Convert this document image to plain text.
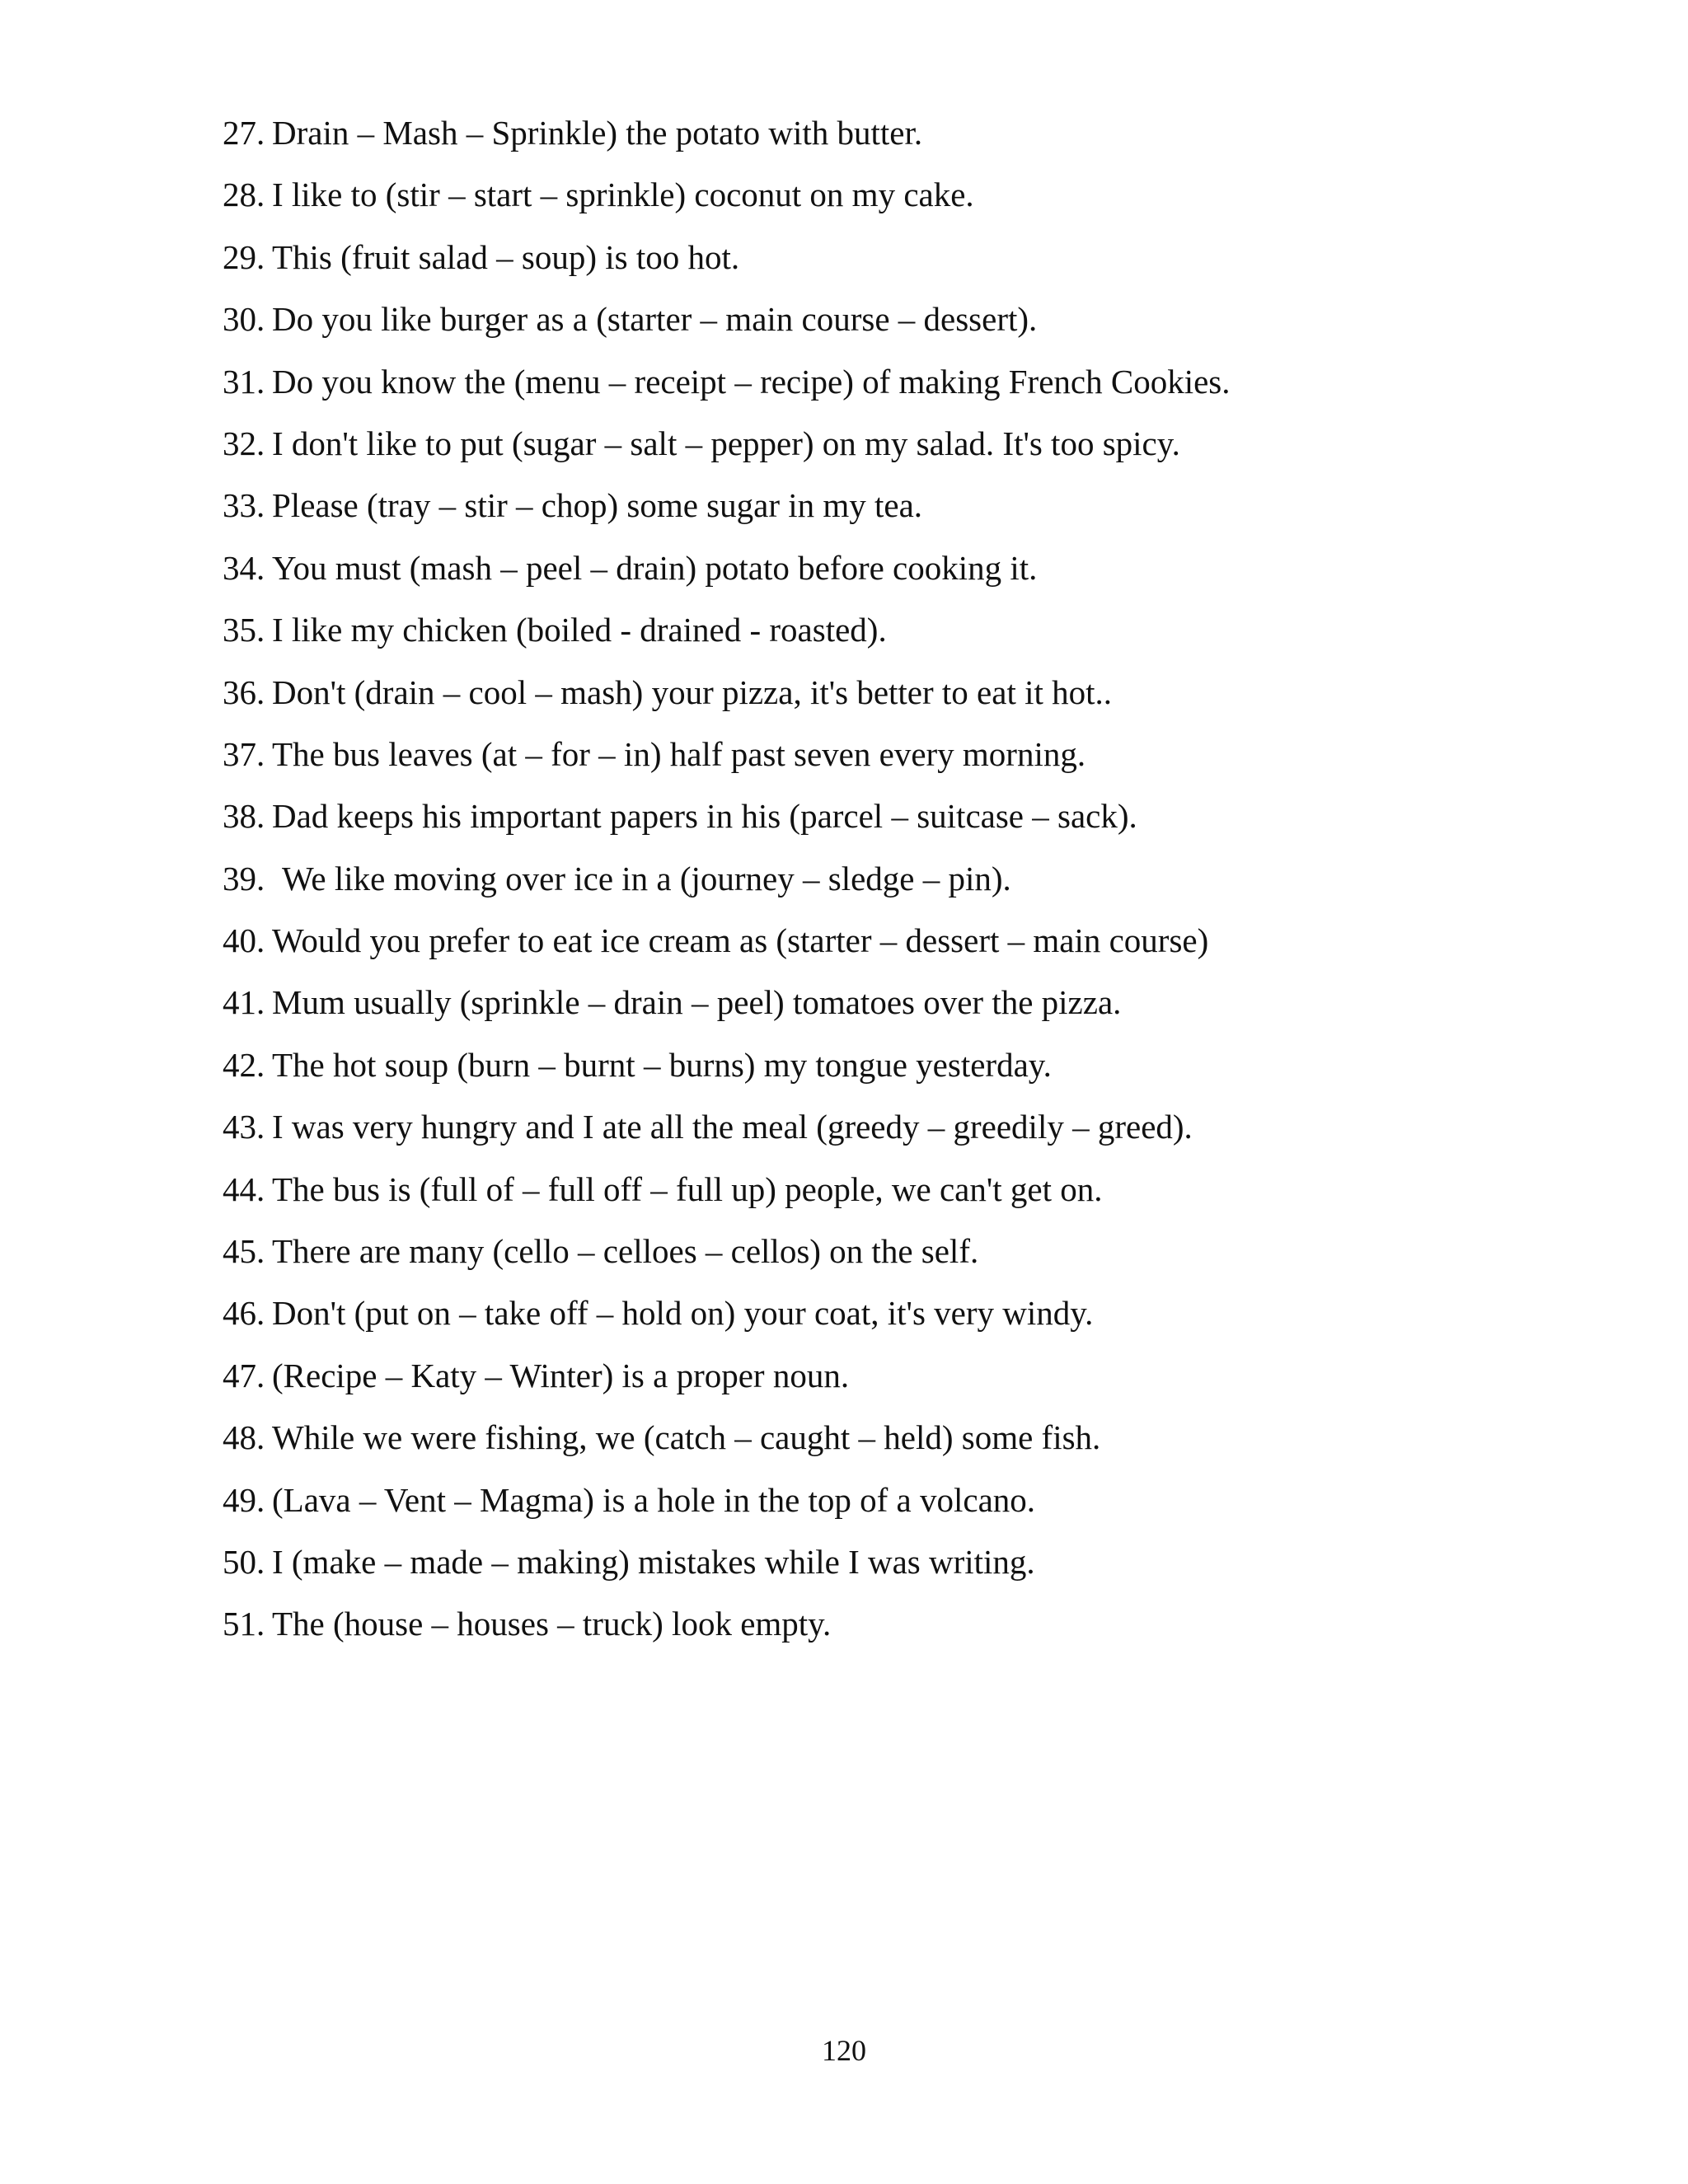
27. Drain – Mash – Sprinkle) the potato with butter.
28. I like to (stir – start – sprinkle) coconut on my cake.
29. This (fruit salad – soup) is too hot.
30. Do you like burger as a (starter – main course – dessert).
31. Do you know the (menu – receipt – recipe) of making French Cookies.
32. I don't like to put (sugar – salt – pepper) on my salad. It's too spicy.
33. Please (tray – stir – chop) some sugar in my tea.
34. You must (mash – peel – drain) potato before cooking it.
35. I like my chicken (boiled - drained - roasted).
36. Don't (drain – cool – mash) your pizza, it's better to eat it hot..
37. The bus leaves (at – for – in) half past seven every morning.
38. Dad keeps his important papers in his (parcel – suitcase – sack).
39. We like moving over ice in a (journey – sledge – pin).
40. Would you prefer to eat ice cream as (starter – dessert – main course)
41. Mum usually (sprinkle – drain – peel) tomatoes over the pizza.
42. The hot soup (burn – burnt – burns) my tongue yesterday.
43. I was very hungry and I ate all the meal (greedy – greedily – greed).
44. The bus is (full of – full off – full up) people, we can't get on.
45. There are many (cello – celloes – cellos) on the self.
46. Don't (put on – take off – hold on) your coat, it's very windy.
47. (Recipe – Katy – Winter) is a proper noun.
48. While we were fishing, we (catch – caught – held) some fish.
49. (Lava – Vent – Magma) is a hole in the top of a volcano.
50. I (make – made – making) mistakes while I was writing.
51. The (house – houses – truck) look empty.
120
